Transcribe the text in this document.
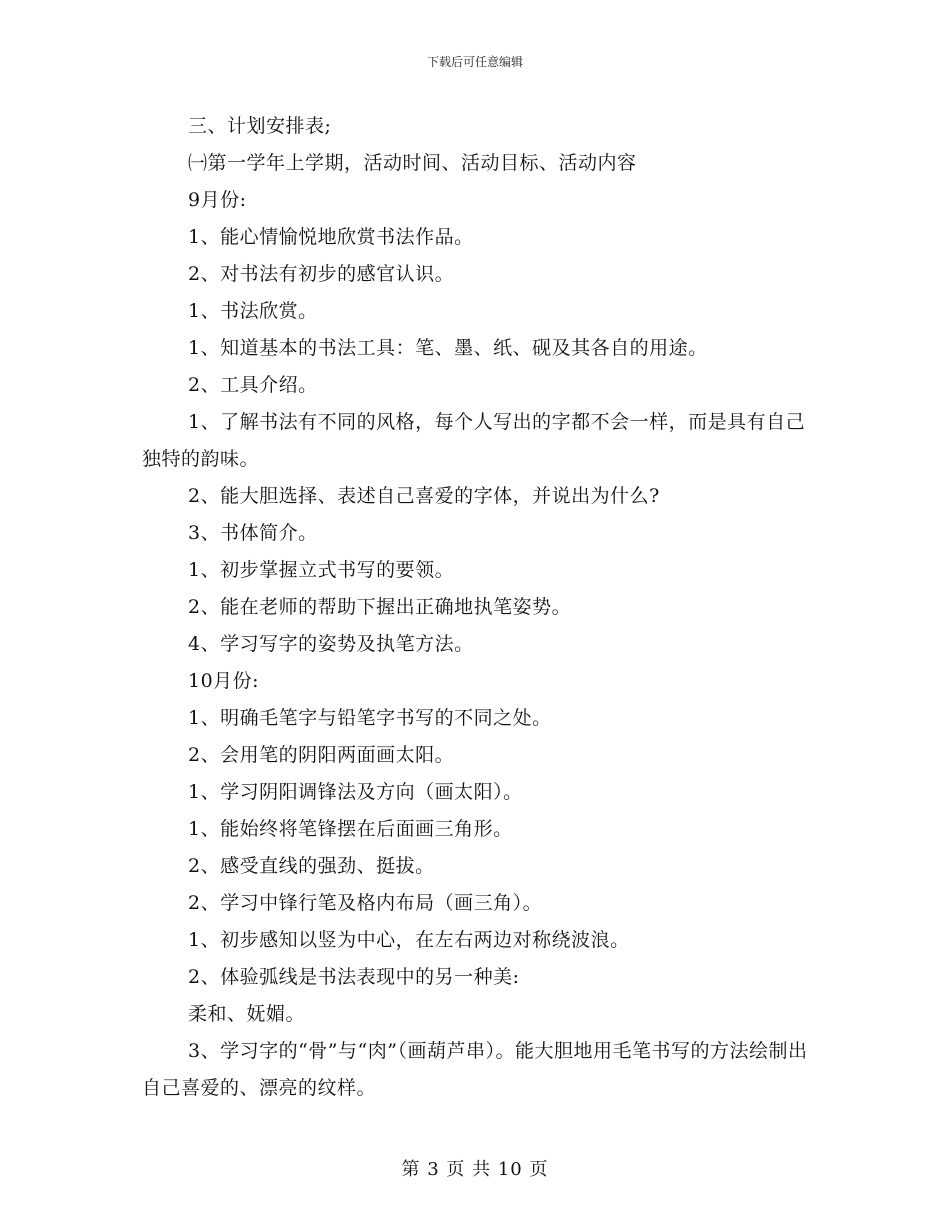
下载后可任意编辑
三、计划安排表;
㈠第一学年上学期，活动时间、活动目标、活动内容
9月份:
1、能心情愉悦地欣赏书法作品。
2、对书法有初步的感官认识。
1、书法欣赏。
1、知道基本的书法工具：笔、墨、纸、砚及其各自的用途。
2、工具介绍。
1、了解书法有不同的风格，每个人写出的字都不会一样，而是具有自己独特的韵味。
2、能大胆选择、表述自己喜爱的字体，并说出为什么?
3、书体简介。
1、初步掌握立式书写的要领。
2、能在老师的帮助下握出正确地执笔姿势。
4、学习写字的姿势及执笔方法。
10月份:
1、明确毛笔字与铅笔字书写的不同之处。
2、会用笔的阴阳两面画太阳。
1、学习阴阳调锋法及方向（画太阳）。
1、能始终将笔锋摆在后面画三角形。
2、感受直线的强劲、挺拔。
2、学习中锋行笔及格内布局（画三角）。
1、初步感知以竖为中心，在左右两边对称绕波浪。
2、体验弧线是书法表现中的另一种美:
柔和、妩媚。
3、学习字的“骨”与“肉”（画葫芦串）。能大胆地用毛笔书写的方法绘制出自己喜爱的、漂亮的纹样。
第 3 页 共 10 页
